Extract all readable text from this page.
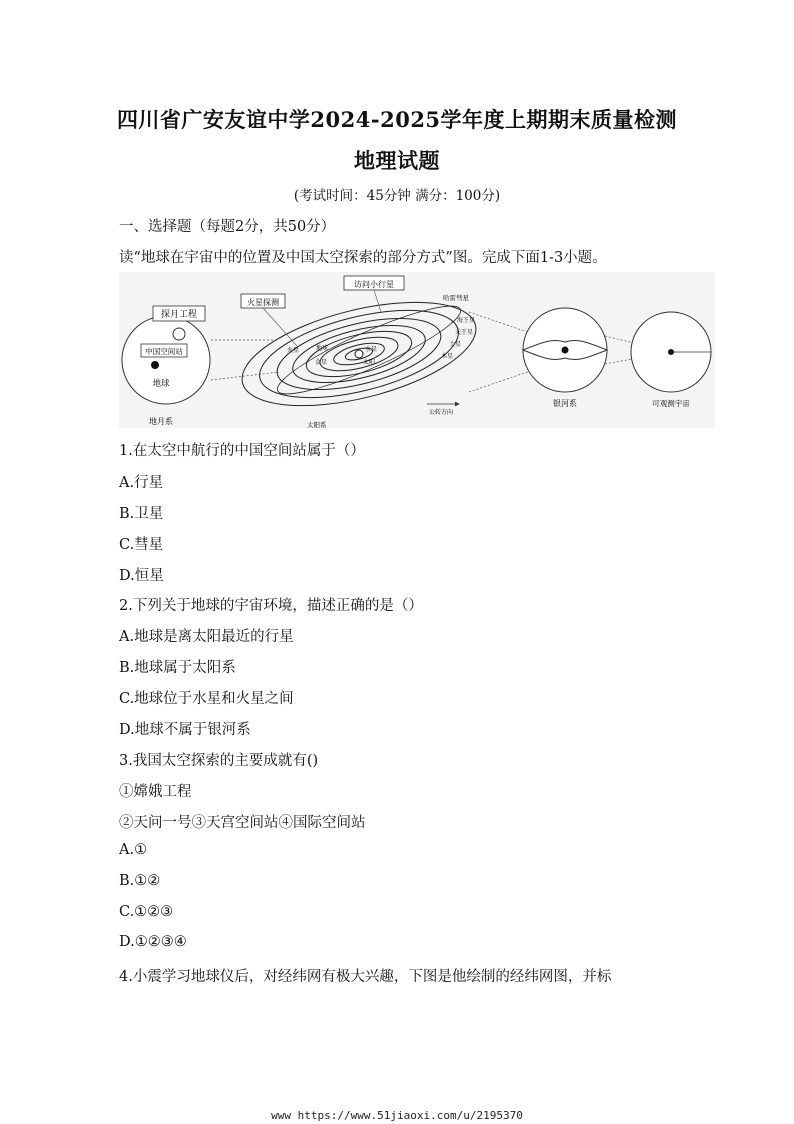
四川省广安友谊中学2024-2025学年度上期期末质量检测
地理试题
(考试时间：45分钟 满分：100分)
一、选择题（每题2分，共50分）
读“地球在宇宙中的位置及中国太空探索的部分方式”图。完成下面1-3小题。
探月工程
中国空间站
地球
地月系
太阳
水星
金星
地球
火星
木星
土星
天王星
海王星
火星探测
访问小行星
哈雷彗星
公转方向
太阳系
银河系	可观测宇宙
1.在太空中航行的中国空间站属于（）
A.行星
B.卫星
C.彗星
D.恒星
2.下列关于地球的宇宙环境，描述正确的是（）
A.地球是离太阳最近的行星
B.地球属于太阳系
C.地球位于水星和火星之间
D.地球不属于银河系
3.我国太空探索的主要成就有()
①嫦娥工程
②天问一号③天宫空间站④国际空间站
A.①
B.①②
C.①②③
D.①②③④
4.小震学习地球仪后，对经纬网有极大兴趣，下图是他绘制的经纬网图，并标
www https://www.51jiaoxi.com/u/2195370
